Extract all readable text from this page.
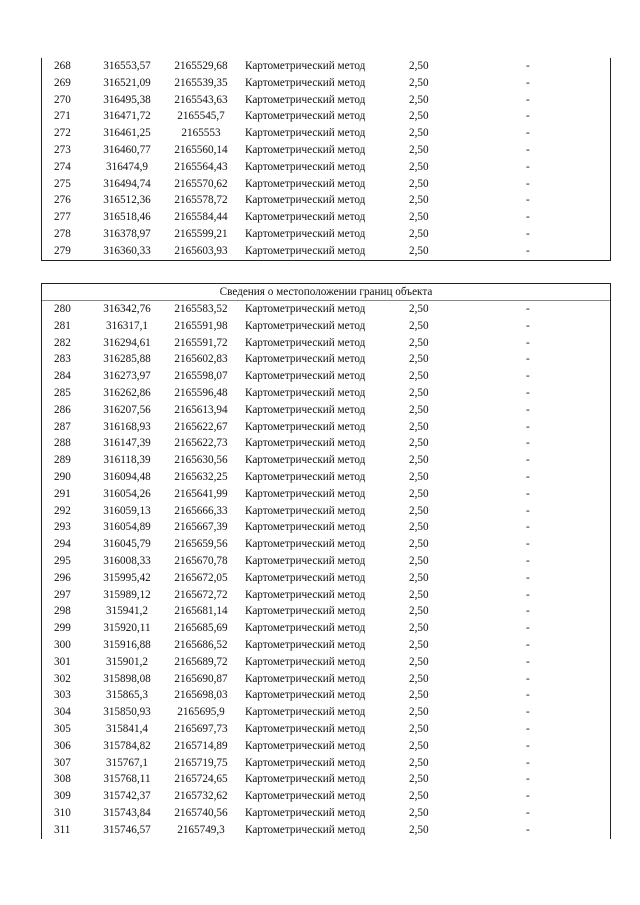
268	316553,57	2165529,68	Картометрический метод	2,50	-
269	316521,09	2165539,35	Картометрический метод	2,50	-
270	316495,38	2165543,63	Картометрический метод	2,50	-
271	316471,72	2165545,7	Картометрический метод	2,50	-
272	316461,25	2165553	Картометрический метод	2,50	-
273	316460,77	2165560,14	Картометрический метод	2,50	-
274	316474,9	2165564,43	Картометрический метод	2,50	-
275	316494,74	2165570,62	Картометрический метод	2,50	-
276	316512,36	2165578,72	Картометрический метод	2,50	-
277	316518,46	2165584,44	Картометрический метод	2,50	-
278	316378,97	2165599,21	Картометрический метод	2,50	-
279	316360,33	2165603,93	Картометрический метод	2,50	-
Сведения о местоположении границ объекта
280	316342,76	2165583,52	Картометрический метод	2,50	-
281	316317,1	2165591,98	Картометрический метод	2,50	-
282	316294,61	2165591,72	Картометрический метод	2,50	-
283	316285,88	2165602,83	Картометрический метод	2,50	-
284	316273,97	2165598,07	Картометрический метод	2,50	-
285	316262,86	2165596,48	Картометрический метод	2,50	-
286	316207,56	2165613,94	Картометрический метод	2,50	-
287	316168,93	2165622,67	Картометрический метод	2,50	-
288	316147,39	2165622,73	Картометрический метод	2,50	-
289	316118,39	2165630,56	Картометрический метод	2,50	-
290	316094,48	2165632,25	Картометрический метод	2,50	-
291	316054,26	2165641,99	Картометрический метод	2,50	-
292	316059,13	2165666,33	Картометрический метод	2,50	-
293	316054,89	2165667,39	Картометрический метод	2,50	-
294	316045,79	2165659,56	Картометрический метод	2,50	-
295	316008,33	2165670,78	Картометрический метод	2,50	-
296	315995,42	2165672,05	Картометрический метод	2,50	-
297	315989,12	2165672,72	Картометрический метод	2,50	-
298	315941,2	2165681,14	Картометрический метод	2,50	-
299	315920,11	2165685,69	Картометрический метод	2,50	-
300	315916,88	2165686,52	Картометрический метод	2,50	-
301	315901,2	2165689,72	Картометрический метод	2,50	-
302	315898,08	2165690,87	Картометрический метод	2,50	-
303	315865,3	2165698,03	Картометрический метод	2,50	-
304	315850,93	2165695,9	Картометрический метод	2,50	-
305	315841,4	2165697,73	Картометрический метод	2,50	-
306	315784,82	2165714,89	Картометрический метод	2,50	-
307	315767,1	2165719,75	Картометрический метод	2,50	-
308	315768,11	2165724,65	Картометрический метод	2,50	-
309	315742,37	2165732,62	Картометрический метод	2,50	-
310	315743,84	2165740,56	Картометрический метод	2,50	-
311	315746,57	2165749,3	Картометрический метод	2,50	-
